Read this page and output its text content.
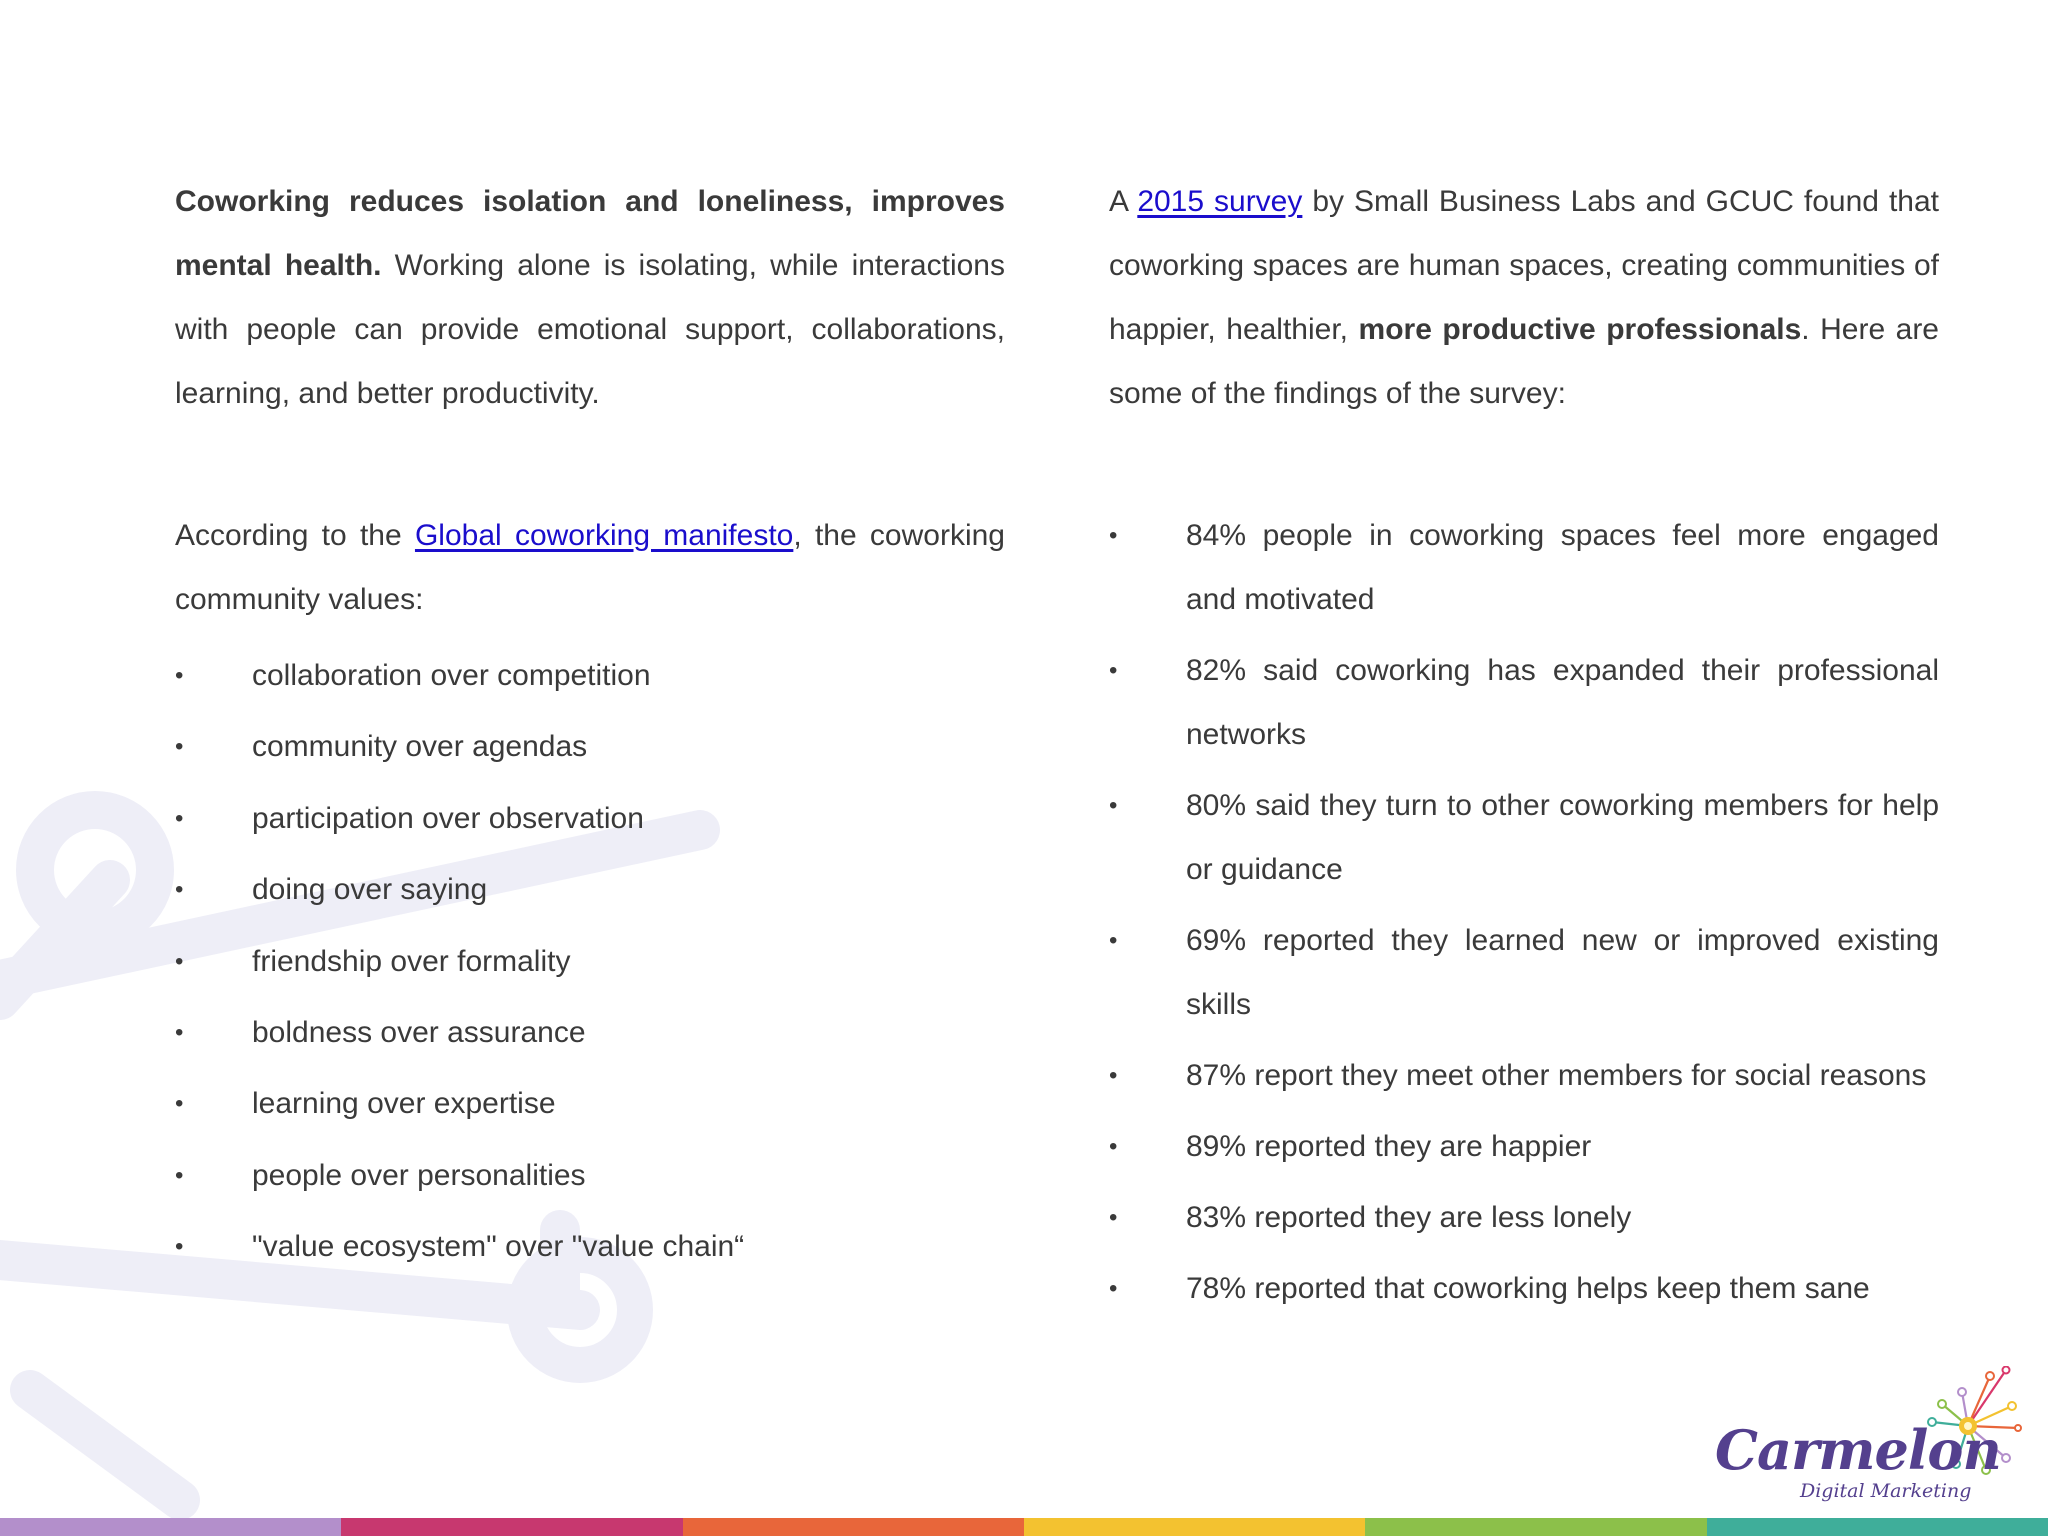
Coworking reduces isolation and loneliness, improves mental health. Working alone is isolating, while interactions with people can provide emotional support, collaborations, learning, and better productivity.

According to the Global coworking manifesto, the coworking community values:

• collaboration over competition
• community over agendas
• participation over observation
• doing over saying
• friendship over formality
• boldness over assurance
• learning over expertise
• people over personalities
• "value ecosystem" over "value chain“

A 2015 survey by Small Business Labs and GCUC found that coworking spaces are human spaces, creating communities of happier, healthier, more productive professionals. Here are some of the findings of the survey:

• 84% people in coworking spaces feel more engaged and motivated
• 82% said coworking has expanded their professional networks
• 80% said they turn to other coworking members for help or guidance
• 69% reported they learned new or improved existing skills
• 87% report they meet other members for social reasons
• 89% reported they are happier
• 83% reported they are less lonely
• 78% reported that coworking helps keep them sane
Carmelon
Digital Marketing
